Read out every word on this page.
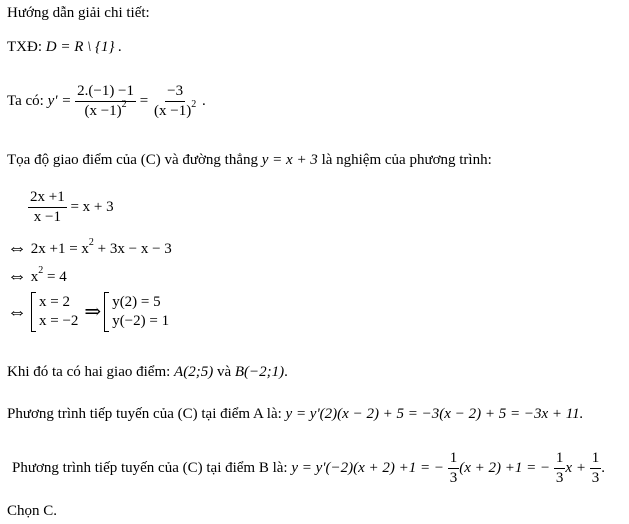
Hướng dẫn giải chi tiết:
TXĐ: D = R \ {1} .
Ta có: $y' = \frac{2.(-1) -1}{(x -1)^2} = \frac{-3}{(x -1)^2}$ .
Tọa độ giao điểm của (C) và đường thẳng y = x + 3 là nghiệm của phương trình:
$\frac{2x +1}{x -1} = x + 3$
⇔ $2x +1 = x^2 + 3x - x - 3$
⇔ $x^2 = 4$
⇔ x = 2
x = −2 ⇒ y(2) = 5
y(−2) = 1
Khi đó ta có hai giao điểm: A(2;5) và B(−2;1).
Phương trình tiếp tuyến của (C) tại điểm A là: y = y'(2)(x − 2) + 5 = −3(x − 2) + 5 = −3x + 11.
Phương trình tiếp tuyến của (C) tại điểm B là: y = y'(−2)(x + 2) +1 = − $\frac{1}{3} (x + 2) +1$ = − $\frac{1}{3}$ $x + \frac{1}{3}$ .
Chọn C.
